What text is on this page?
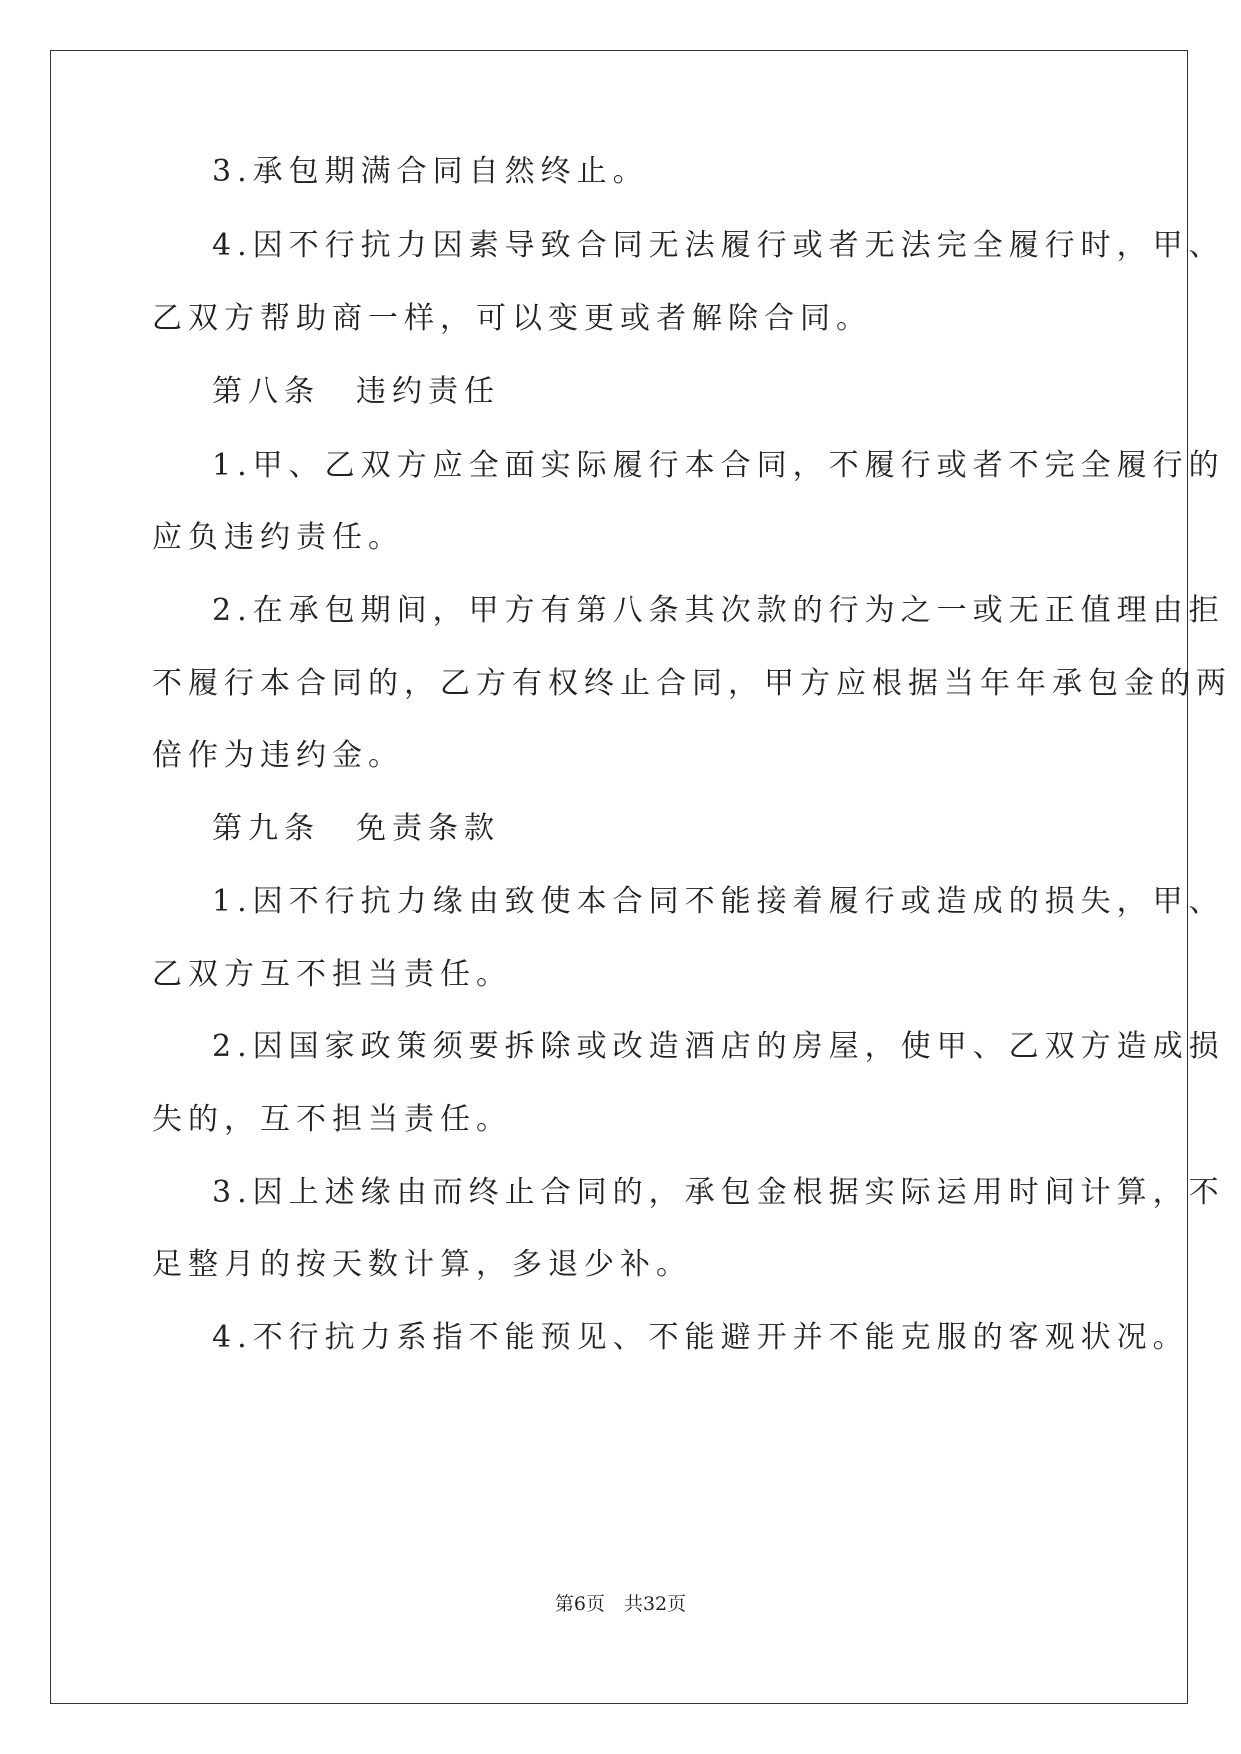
3.承包期满合同自然终止。
4.因不行抗力因素导致合同无法履行或者无法完全履行时，甲、
乙双方帮助商一样，可以变更或者解除合同。
第八条　违约责任
1.甲、乙双方应全面实际履行本合同，不履行或者不完全履行的
应负违约责任。
2.在承包期间，甲方有第八条其次款的行为之一或无正值理由拒
不履行本合同的，乙方有权终止合同，甲方应根据当年年承包金的两
倍作为违约金。
第九条　免责条款
1.因不行抗力缘由致使本合同不能接着履行或造成的损失，甲、
乙双方互不担当责任。
2.因国家政策须要拆除或改造酒店的房屋，使甲、乙双方造成损
失的，互不担当责任。
3.因上述缘由而终止合同的，承包金根据实际运用时间计算，不
足整月的按天数计算，多退少补。
4.不行抗力系指不能预见、不能避开并不能克服的客观状况。
第6页　共32页
